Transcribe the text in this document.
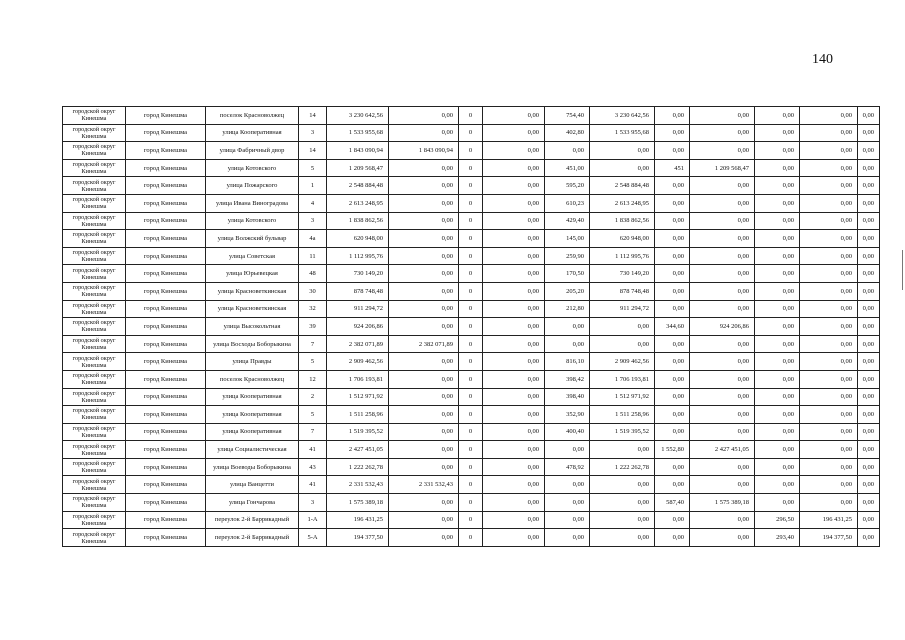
140
городской округ Кинешма	город Кинешма	поселок Красноволжец	14	3 230 642,56	0,00	0	0,00	754,40	3 230 642,56	0,00	0,00	0,00	0,00	0,00
городской округ Кинешма	город Кинешма	улица Кооперативная	3	1 533 955,68	0,00	0	0,00	402,80	1 533 955,68	0,00	0,00	0,00	0,00	0,00
городской округ Кинешма	город Кинешма	улица Фабричный двор	14	1 843 090,94	1 843 090,94	0	0,00	0,00	0,00	0,00	0,00	0,00	0,00	0,00
городской округ Кинешма	город Кинешма	улица Котовского	5	1 209 568,47	0,00	0	0,00	451,00	0,00	451	1 209 568,47	0,00	0,00	0,00
городской округ Кинешма	город Кинешма	улица Пожарского	1	2 548 884,48	0,00	0	0,00	595,20	2 548 884,48	0,00	0,00	0,00	0,00	0,00
городской округ Кинешма	город Кинешма	улица Ивана Виноградова	4	2 613 248,95	0,00	0	0,00	610,23	2 613 248,95	0,00	0,00	0,00	0,00	0,00
городской округ Кинешма	город Кинешма	улица Котовского	3	1 838 862,56	0,00	0	0,00	429,40	1 838 862,56	0,00	0,00	0,00	0,00	0,00
городской округ Кинешма	город Кинешма	улица Волжский бульвар	4а	620 948,00	0,00	0	0,00	145,00	620 948,00	0,00	0,00	0,00	0,00	0,00
городской округ Кинешма	город Кинешма	улица Советская	11	1 112 995,76	0,00	0	0,00	259,90	1 112 995,76	0,00	0,00	0,00	0,00	0,00
городской округ Кинешма	город Кинешма	улица Юрьевецкая	48	730 149,20	0,00	0	0,00	170,50	730 149,20	0,00	0,00	0,00	0,00	0,00
городской округ Кинешма	город Кинешма	улица Красноветкинская	30	878 748,48	0,00	0	0,00	205,20	878 748,48	0,00	0,00	0,00	0,00	0,00
городской округ Кинешма	город Кинешма	улица Красноветкинская	32	911 294,72	0,00	0	0,00	212,80	911 294,72	0,00	0,00	0,00	0,00	0,00
городской округ Кинешма	город Кинешма	улица Высокольтная	39	924 206,86	0,00	0	0,00	0,00	0,00	344,60	924 206,86	0,00	0,00	0,00
городской округ Кинешма	город Кинешма	улица Восходы Боборыкина	7	2 382 071,89	2 382 071,89	0	0,00	0,00	0,00	0,00	0,00	0,00	0,00	0,00
городской округ Кинешма	город Кинешма	улица Правды	5	2 909 462,56	0,00	0	0,00	816,10	2 909 462,56	0,00	0,00	0,00	0,00	0,00
городской округ Кинешма	город Кинешма	поселок Красноволжец	12	1 706 193,81	0,00	0	0,00	398,42	1 706 193,81	0,00	0,00	0,00	0,00	0,00
городской округ Кинешма	город Кинешма	улица Кооперативная	2	1 512 971,92	0,00	0	0,00	398,40	1 512 971,92	0,00	0,00	0,00	0,00	0,00
городской округ Кинешма	город Кинешма	улица Кооперативная	5	1 511 258,96	0,00	0	0,00	352,90	1 511 258,96	0,00	0,00	0,00	0,00	0,00
городской округ Кинешма	город Кинешма	улица Кооперативная	7	1 519 395,52	0,00	0	0,00	400,40	1 519 395,52	0,00	0,00	0,00	0,00	0,00
городской округ Кинешма	город Кинешма	улица Социалистическая	41	2 427 451,05	0,00	0	0,00	0,00	0,00	1 552,80	2 427 451,05	0,00	0,00	0,00
городской округ Кинешма	город Кинешма	улица Воеводы Боборыкина	43	1 222 262,78	0,00	0	0,00	478,92	1 222 262,78	0,00	0,00	0,00	0,00	0,00
городской округ Кинешма	город Кинешма	улица Ванцетти	41	2 331 532,43	2 331 532,43	0	0,00	0,00	0,00	0,00	0,00	0,00	0,00	0,00
городской округ Кинешма	город Кинешма	улица Гончарова	3	1 575 389,18	0,00	0	0,00	0,00	0,00	587,40	1 575 389,18	0,00	0,00	0,00
городской округ Кинешма	город Кинешма	переулок 2-й Баррикадный	1-А	196 431,25	0,00	0	0,00	0,00	0,00	0,00	0,00	296,50	196 431,25	0,00
городской округ Кинешма	город Кинешма	переулок 2-й Баррикадный	5-А	194 377,50	0,00	0	0,00	0,00	0,00	0,00	0,00	293,40	194 377,50	0,00
